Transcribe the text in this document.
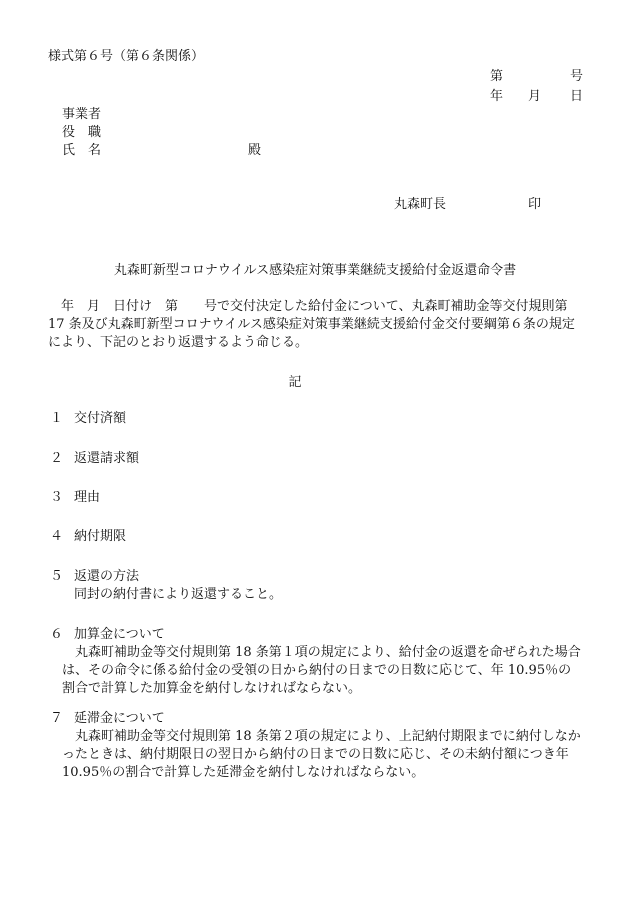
様式第６号（第６条関係）
第	号
年 月 日
事業者
役　職
氏　名	殿
丸森町長	印
丸森町新型コロナウイルス感染症対策事業継続支援給付金返還命令書

　年　月　日付け　第　　号で交付決定した給付金について、丸森町補助金等交付規則第

17 条及び丸森町新型コロナウイルス感染症対策事業継続支援給付金交付要綱第６条の規定

により、下記のとおり返還するよう命じる。

記
１ 交付済額
２ 返還請求額
３ 理由
４ 納付期限
５ 返還の方法

同封の納付書により返還すること。

６ 加算金について

　丸森町補助金等交付規則第 18 条第１項の規定により、給付金の返還を命ぜられた場合

は、その命令に係る給付金の受領の日から納付の日までの日数に応じて、年 10.95％の

割合で計算した加算金を納付しなければならない。

７ 延滞金について

　丸森町補助金等交付規則第 18 条第２項の規定により、上記納付期限までに納付しなか

ったときは、納付期限日の翌日から納付の日までの日数に応じ、その未納付額につき年

10.95％の割合で計算した延滞金を納付しなければならない。
